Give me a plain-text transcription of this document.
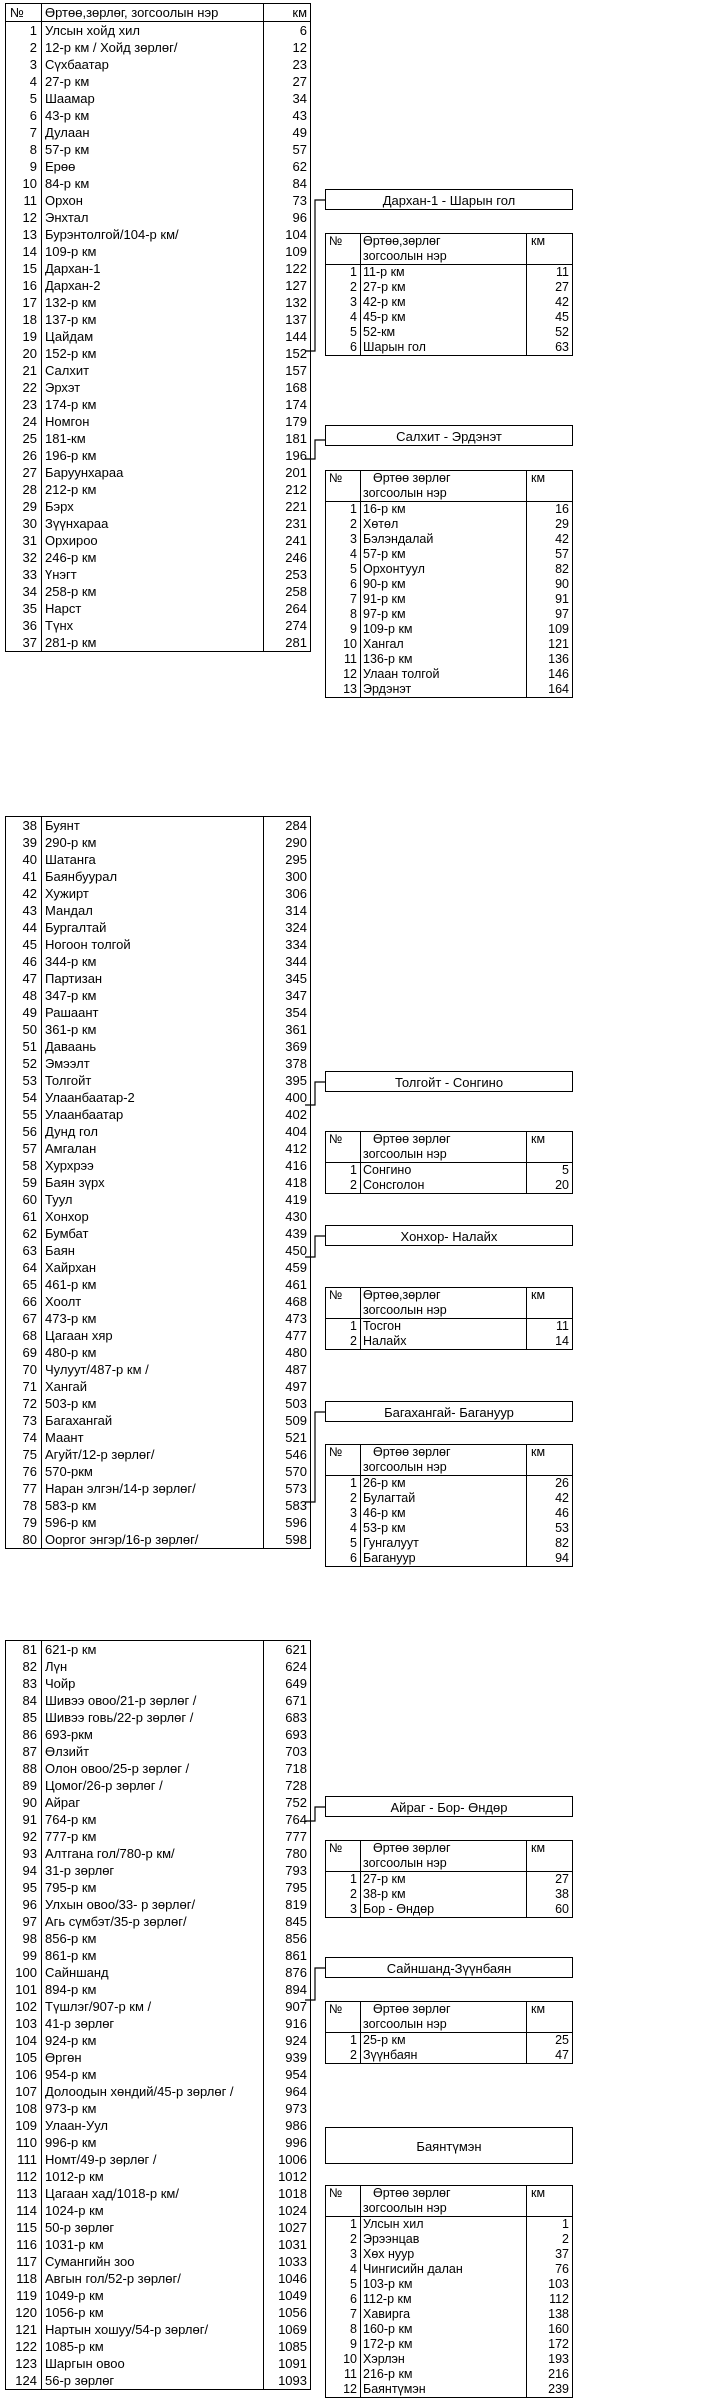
№	Өртөө,зөрлөг, зогсоолын нэр	км
1	Улсын хойд хил	6
2	12-р км / Хойд зөрлөг/	12
3	Сүхбаатар	23
4	27-р км	27
5	Шаамар	34
6	43-р км	43
7	Дулаан	49
8	57-р км	57
9	Ерөө	62
10	84-р км	84
11	Орхон	73
12	Энхтал	96
13	Бурэнтолгой/104-р км/	104
14	109-р км	109
15	Дархан-1	122
16	Дархан-2	127
17	132-р км	132
18	137-р км	137
19	Цайдам	144
20	152-р км	152
21	Салхит	157
22	Эрхэт	168
23	174-р км	174
24	Номгон	179
25	181-км	181
26	196-р км	196
27	Баруунхараа	201
28	212-р км	212
29	Бэрх	221
30	Зүүнхараа	231
31	Орхироо	241
32	246-р км	246
33	Үнэгт	253
34	258-р км	258
35	Нарст	264
36	Түнх	274
37	281-р км	281
38	Буянт	284
39	290-р км	290
40	Шатанга	295
41	Баянбуурал	300
42	Хужирт	306
43	Мандал	314
44	Бургалтай	324
45	Ногоон толгой	334
46	344-р км	344
47	Партизан	345
48	347-р км	347
49	Рашаант	354
50	361-р км	361
51	Даваань	369
52	Эмээлт	378
53	Толгойт	395
54	Улаанбаатар-2	400
55	Улаанбаатар	402
56	Дунд гол	404
57	Амгалан	412
58	Хурхрээ	416
59	Баян зүрх	418
60	Туул	419
61	Хонхор	430
62	Бумбат	439
63	Баян	450
64	Хайрхан	459
65	461-р км	461
66	Хоолт	468
67	473-р км	473
68	Цагаан хяр	477
69	480-р км	480
70	Чулуут/487-р км /	487
71	Хангай	497
72	503-р км	503
73	Багахангай	509
74	Маант	521
75	Агуйт/12-р зөрлөг/	546
76	570-ркм	570
77	Наран элгэн/14-р зөрлөг/	573
78	583-р км	583
79	596-р км	596
80	Ооргог энгэр/16-р зөрлөг/	598
81	621-р км	621
82	Лүн	624
83	Чойр	649
84	Шивээ овоо/21-р зөрлөг /	671
85	Шивээ говь/22-р зөрлөг /	683
86	693-ркм	693
87	Өлзийт	703
88	Олон овоо/25-р зөрлөг /	718
89	Цомог/26-р зөрлөг /	728
90	Айраг	752
91	764-р км	764
92	777-р км	777
93	Алтгана гол/780-р км/	780
94	31-р зөрлөг	793
95	795-р км	795
96	Улхын овоо/33- р зөрлөг/	819
97	Агь сүмбэт/35-р зөрлөг/	845
98	856-р км	856
99	861-р км	861
100	Сайншанд	876
101	894-р км	894
102	Түшлэг/907-р км /	907
103	41-р зөрлөг	916
104	924-р км	924
105	Өргөн	939
106	954-р км	954
107	Долоодын хөндий/45-р зөрлөг /	964
108	973-р км	973
109	Улаан-Уул	986
110	996-р км	996
111	Номт/49-р зөрлөг /	1006
112	1012-р км	1012
113	Цагаан хад/1018-р км/	1018
114	1024-р км	1024
115	50-р зөрлөг	1027
116	1031-р км	1031
117	Сумангийн зоо	1033
118	Авгын гол/52-р зөрлөг/	1046
119	1049-р км	1049
120	1056-р км	1056
121	Нартын хошуу/54-р зөрлөг/	1069
122	1085-р км	1085
123	Шаргын овоо	1091
124	56-р зөрлөг	1093
Дархан-1 - Шарын гол
№	Өртөө,зөрлөг
зогсоолын нэр	км
1	11-р км	11
2	27-р км	27
3	42-р км	42
4	45-р км	45
5	52-км	52
6	Шарын гол	63
Салхит - Эрдэнэт
№	Өртөө зөрлөг
зогсоолын нэр	км
1	16-р км	16
2	Хөтөл	29
3	Бэлэндалай	42
4	57-р км	57
5	Орхонтуул	82
6	90-р км	90
7	91-р км	91
8	97-р км	97
9	109-р км	109
10	Хангал	121
11	136-р км	136
12	Улаан толгой	146
13	Эрдэнэт	164
Толгойт - Сонгино
№	Өртөө зөрлөг
зогсоолын нэр	км
1	Сонгино	5
2	Сонсголон	20
Хонхор- Налайх
№	Өртөө,зөрлөг
зогсоолын нэр	км
1	Тосгон	11
2	Налайх	14
Багахангай- Багануур
№	Өртөө зөрлөг
зогсоолын нэр	км
1	26-р км	26
2	Булагтай	42
3	46-р км	46
4	53-р км	53
5	Гунгалуут	82
6	Багануур	94
Айраг - Бор- Өндөр
№	Өртөө зөрлөг
зогсоолын нэр	км
1	27-р км	27
2	38-р км	38
3	Бор - Өндөр	60
Сайншанд-Зүүнбаян
№	Өртөө зөрлөг
зогсоолын нэр	км
1	25-р км	25
2	Зүүнбаян	47
Баянтүмэн
№	Өртөө зөрлөг
зогсоолын нэр	км
1	Улсын хил	1
2	Эрээнцав	2
3	Хөх нуур	37
4	Чингисийн далан	76
5	103-р км	103
6	112-р км	112
7	Хавирга	138
8	160-р км	160
9	172-р км	172
10	Хэрлэн	193
11	216-р км	216
12	Баянтүмэн	239
